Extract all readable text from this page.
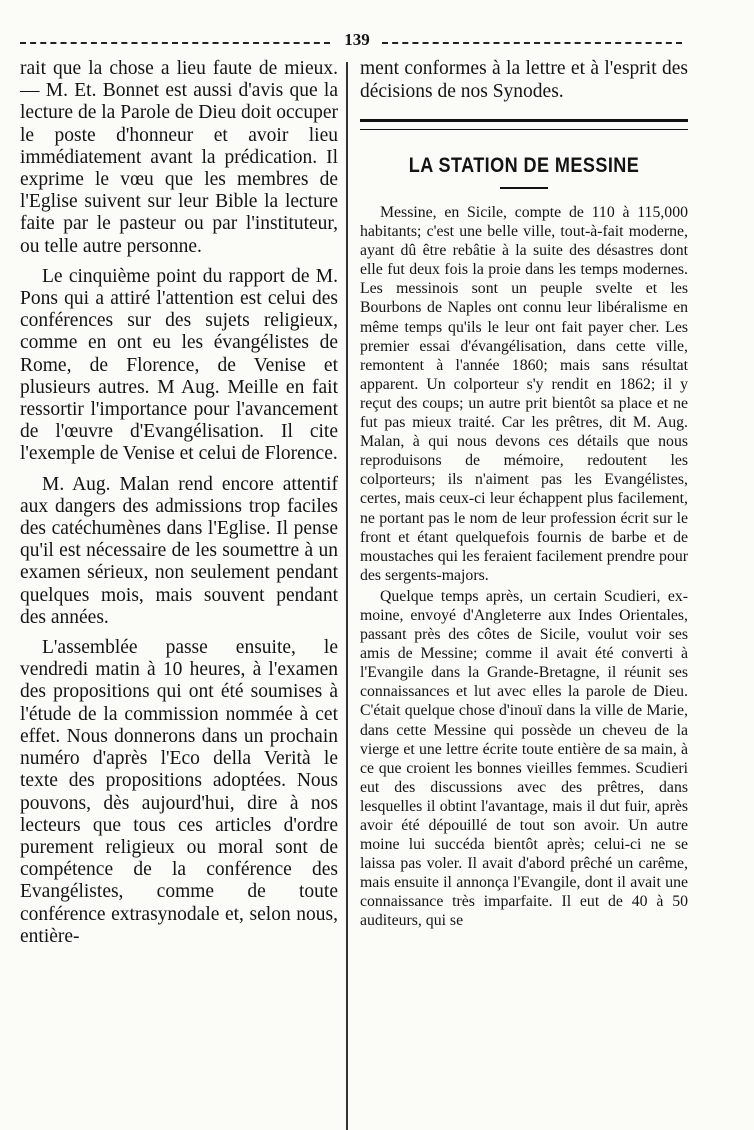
139

rait que la chose a lieu faute de mieux. — M. Et. Bonnet est aussi d'avis que la lecture de la Parole de Dieu doit occuper le poste d'honneur et avoir lieu immédiatement avant la prédication. Il exprime le vœu que les membres de l'Eglise suivent sur leur Bible la lecture faite par le pasteur ou par l'instituteur, ou telle autre personne.

Le cinquième point du rapport de M. Pons qui a attiré l'attention est celui des conférences sur des sujets religieux, comme en ont eu les évangélistes de Rome, de Florence, de Venise et plusieurs autres. M Aug. Meille en fait ressortir l'importance pour l'avancement de l'œuvre d'Evangélisation. Il cite l'exemple de Venise et celui de Florence.

M. Aug. Malan rend encore attentif aux dangers des admissions trop faciles des catéchumènes dans l'Eglise. Il pense qu'il est nécessaire de les soumettre à un examen sérieux, non seulement pendant quelques mois, mais souvent pendant des années.

L'assemblée passe ensuite, le vendredi matin à 10 heures, à l'examen des propositions qui ont été soumises à l'étude de la commission nommée à cet effet. Nous donnerons dans un prochain numéro d'après l'Eco della Verità le texte des propositions adoptées. Nous pouvons, dès aujourd'hui, dire à nos lecteurs que tous ces articles d'ordre purement religieux ou moral sont de compétence de la conférence des Evangélistes, comme de toute conférence extrasynodale et, selon nous, entière-

ment conformes à la lettre et à l'esprit des décisions de nos Synodes.

LA STATION DE MESSINE

Messine, en Sicile, compte de 110 à 115,000 habitants; c'est une belle ville, tout-à-fait moderne, ayant dû être rebâtie à la suite des désastres dont elle fut deux fois la proie dans les temps modernes. Les messinois sont un peuple svelte et les Bourbons de Naples ont connu leur libéralisme en même temps qu'ils le leur ont fait payer cher. Les premier essai d'évangélisation, dans cette ville, remontent à l'année 1860; mais sans résultat apparent. Un colporteur s'y rendit en 1862; il y reçut des coups; un autre prit bientôt sa place et ne fut pas mieux traité. Car les prêtres, dit M. Aug. Malan, à qui nous devons ces détails que nous reproduisons de mémoire, redoutent les colporteurs; ils n'aiment pas les Evangélistes, certes, mais ceux-ci leur échappent plus facilement, ne portant pas le nom de leur profession écrit sur le front et étant quelquefois fournis de barbe et de moustaches qui les feraient facilement prendre pour des sergents-majors.

Quelque temps après, un certain Scudieri, ex-moine, envoyé d'Angleterre aux Indes Orientales, passant près des côtes de Sicile, voulut voir ses amis de Messine; comme il avait été converti à l'Evangile dans la Grande-Bretagne, il réunit ses connaissances et lut avec elles la parole de Dieu. C'était quelque chose d'inouï dans la ville de Marie, dans cette Messine qui possède un cheveu de la vierge et une lettre écrite toute entière de sa main, à ce que croient les bonnes vieilles femmes. Scudieri eut des discussions avec des prêtres, dans lesquelles il obtint l'avantage, mais il dut fuir, après avoir été dépouillé de tout son avoir. Un autre moine lui succéda bientôt après; celui-ci ne se laissa pas voler. Il avait d'abord prêché un carême, mais ensuite il annonça l'Evangile, dont il avait une connaissance très imparfaite. Il eut de 40 à 50 auditeurs, qui se
